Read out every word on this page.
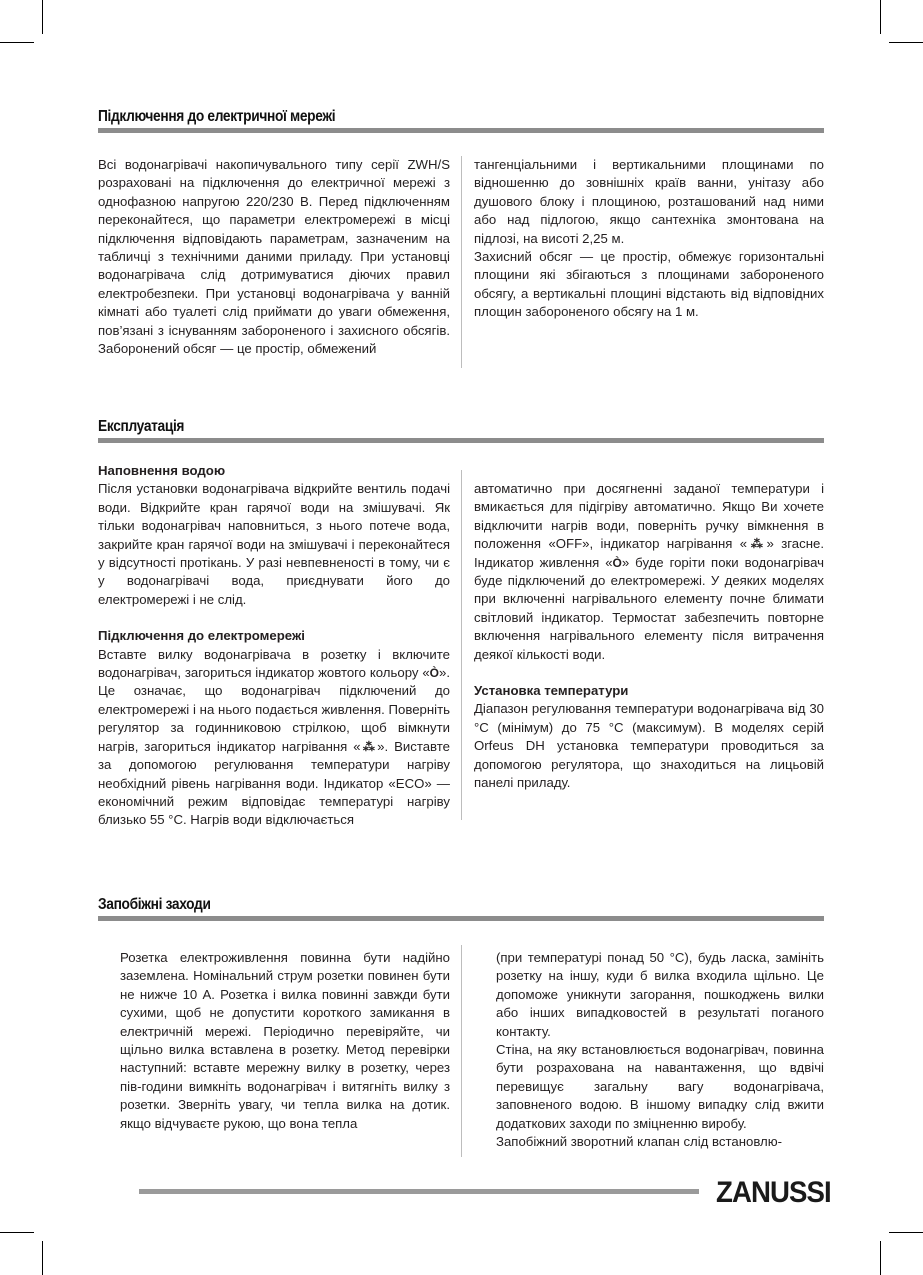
Підключення до електричної мережі

Всі водонагрівачі накопичувального типу серії ZWH/S розраховані на підключення до електричної мережі з однофазною напругою 220/230 В. Перед підключенням переконайтеся, що параметри електромережі в місці підключення відповідають параметрам, зазначеним на табличці з технічними даними приладу. При установці водонагрівача слід дотримуватися діючих правил електробезпеки. При установці водонагрівача у ванній кімнаті або туалеті слід приймати до уваги обмеження, пов’язані з існуванням забороненого і захисного обсягів. Заборонений обсяг — це простір, обмежений

тангенціальними і вертикальними площинами по відношенню до зовнішніх країв ванни, унітазу або душового блоку і площиною, розташований над ними або над підлогою, якщо сантехніка змонтована на підлозі, на висоті 2,25 м.

Захисний обсяг — це простір, обмежує горизонтальні площини які збігаються з площинами забороненого обсягу, а вертикальні площині відстають від відповідних площин забороненого обсягу на 1 м.

Експлуатація

Наповнення водою

Після установки водонагрівача відкрийте вентиль подачі води. Відкрийте кран гарячої води на змішувачі. Як тільки водонагрівач наповниться, з нього потече вода, закрийте кран гарячої води на змішувачі і переконайтеся у відсутності протікань. У разі невпевненості в тому, чи є у водонагрівачі вода, приєднувати його до електромережі і не слід.

Підключення до електромережі

Вставте вилку водонагрівача в розетку і включите водонагрівач, загориться індикатор жовтого кольору «Ò». Це означає, що водонагрівач підключений до електромережі і на нього подається живлення. Поверніть регулятор за годинниковою стрілкою, щоб вімкнути нагрів, загориться індикатор нагрівання «⁂». Виставте за допомогою регулювання температури нагріву необхідний рівень нагрівання води. Індикатор «ECO» — економічний режим відповідає температурі нагріву близько 55 °С. Нагрів води відключається

автоматично при досягненні заданої температури і вмикається для підігріву автоматично. Якщо Ви хочете відключити нагрів води, поверніть ручку вімкнення в положення «OFF», індикатор нагрівання «⁂» згасне. Індикатор живлення «Ò» буде горіти поки водонагрівач буде підключений до електромережі. У деяких моделях при включенні нагрівального елементу почне блимати світловий індикатор. Термостат забезпечить повторне включення нагрівального елементу після витрачення деякої кількості води.

Установка температури

Діапазон регулювання температури водонагрівача від 30 °С (мінімум) до 75 °С (максимум). В моделях серій Orfeus DH установка температури проводиться за допомогою регулятора, що знаходиться на лицьовій панелі приладу.

Запобіжні заходи

Розетка електроживлення повинна бути надійно заземлена. Номінальний струм розетки повинен бути не нижче 10 А. Розетка і вилка повинні завжди бути сухими, щоб не допустити короткого замикання в електричній мережі. Періодично перевіряйте, чи щільно вилка вставлена в розетку. Метод перевірки наступний: вставте мережну вилку в розетку, через пів-години вимкніть водонагрівач і витягніть вилку з розетки. Зверніть увагу, чи тепла вилка на дотик. якщо відчуваєте рукою, що вона тепла

(при температурі понад 50 °С), будь ласка, замініть розетку на іншу, куди б вилка входила щільно. Це допоможе уникнути загорання, пошкоджень вилки або інших випадковостей в результаті поганого контакту.

Стіна, на яку встановлюється водонагрівач, повинна бути розрахована на навантаження, що вдвічі перевищує загальну вагу водонагрівача, заповненого водою. В іншому випадку слід вжити додаткових заходи по зміцненню виробу.

Запобіжний зворотний клапан слід встановлю-

ZANUSSI
